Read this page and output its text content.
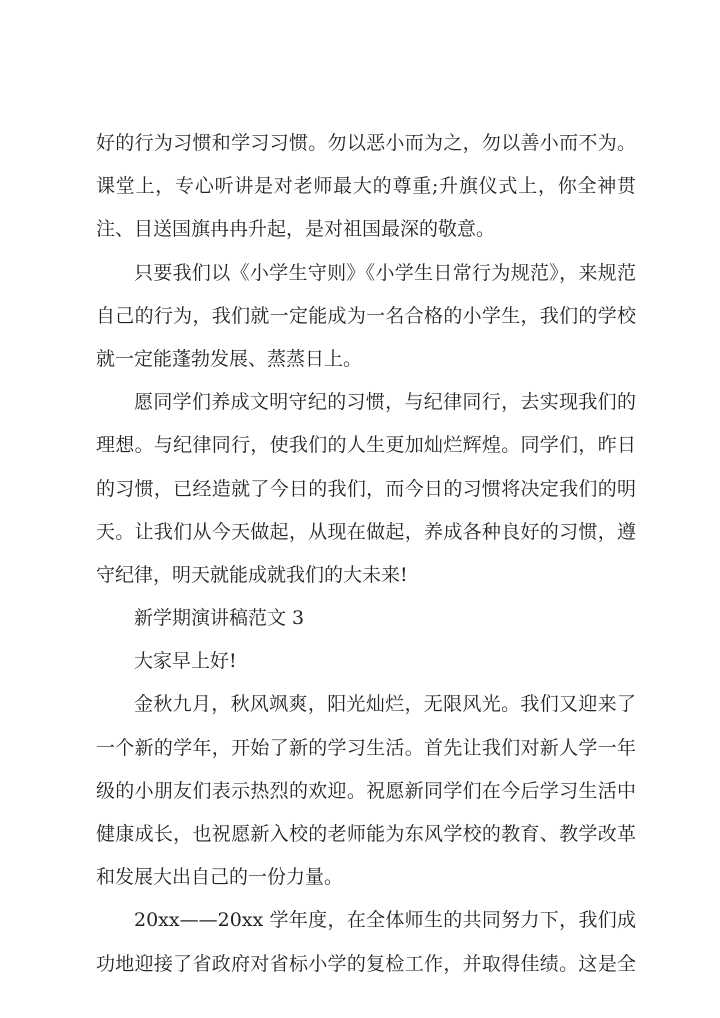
好的行为习惯和学习习惯。勿以恶小而为之，勿以善小而不为。
课堂上，专心听讲是对老师最大的尊重;升旗仪式上，你全神贯
注、目送国旗冉冉升起，是对祖国最深的敬意。
只要我们以《小学生守则》《小学生日常行为规范》，来规范
自己的行为，我们就一定能成为一名合格的小学生，我们的学校
就一定能蓬勃发展、蒸蒸日上。
愿同学们养成文明守纪的习惯，与纪律同行，去实现我们的
理想。与纪律同行，使我们的人生更加灿烂辉煌。同学们，昨日
的习惯，已经造就了今日的我们，而今日的习惯将决定我们的明
天。让我们从今天做起，从现在做起，养成各种良好的习惯，遵
守纪律，明天就能成就我们的大未来!
新学期演讲稿范文 3
大家早上好!
金秋九月，秋风飒爽，阳光灿烂，无限风光。我们又迎来了
一个新的学年，开始了新的学习生活。首先让我们对新人学一年
级的小朋友们表示热烈的欢迎。祝愿新同学们在今后学习生活中
健康成长，也祝愿新入校的老师能为东风学校的教育、教学改革
和发展大出自己的一份力量。
20xx——20xx 学年度，在全体师生的共同努力下，我们成
功地迎接了省政府对省标小学的复检工作，并取得佳绩。这是全
